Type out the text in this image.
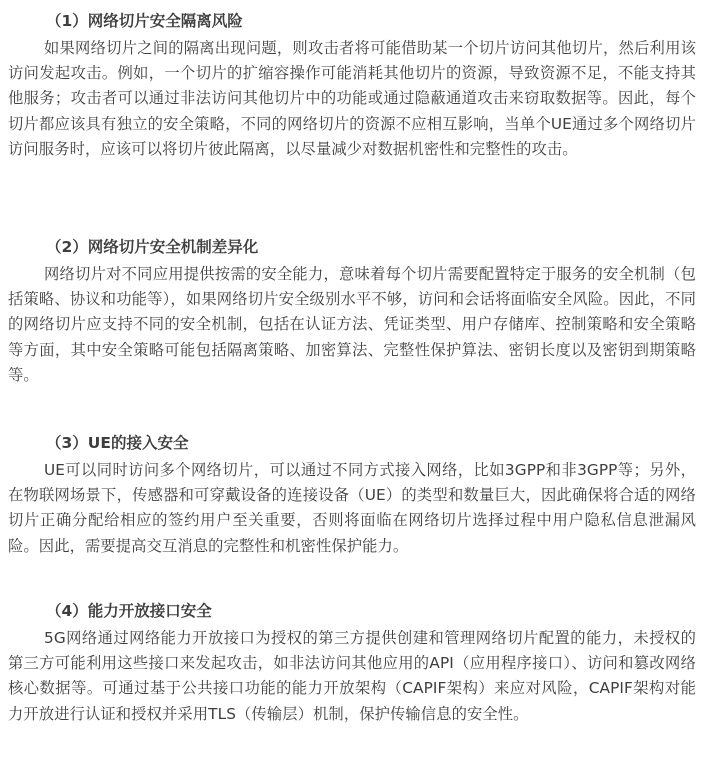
（1）网络切片安全隔离风险

如果网络切片之间的隔离出现问题，则攻击者将可能借助某一个切片访问其他切片，然后利用该访问发起攻击。例如，一个切片的扩缩容操作可能消耗其他切片的资源，导致资源不足，不能支持其他服务；攻击者可以通过非法访问其他切片中的功能或通过隐蔽通道攻击来窃取数据等。因此，每个切片都应该具有独立的安全策略，不同的网络切片的资源不应相互影响，当单个UE通过多个网络切片访问服务时，应该可以将切片彼此隔离，以尽量减少对数据机密性和完整性的攻击。

（2）网络切片安全机制差异化

网络切片对不同应用提供按需的安全能力，意味着每个切片需要配置特定于服务的安全机制（包括策略、协议和功能等），如果网络切片安全级别水平不够，访问和会话将面临安全风险。因此，不同的网络切片应支持不同的安全机制，包括在认证方法、凭证类型、用户存储库、控制策略和安全策略等方面，其中安全策略可能包括隔离策略、加密算法、完整性保护算法、密钥长度以及密钥到期策略等。

（3）UE的接入安全

UE可以同时访问多个网络切片，可以通过不同方式接入网络，比如3GPP和非3GPP等；另外，在物联网场景下，传感器和可穿戴设备的连接设备（UE）的类型和数量巨大，因此确保将合适的网络切片正确分配给相应的签约用户至关重要，否则将面临在网络切片选择过程中用户隐私信息泄漏风险。因此，需要提高交互消息的完整性和机密性保护能力。

（4）能力开放接口安全

5G网络通过网络能力开放接口为授权的第三方提供创建和管理网络切片配置的能力，未授权的第三方可能利用这些接口来发起攻击，如非法访问其他应用的API（应用程序接口）、访问和篡改网络核心数据等。可通过基于公共接口功能的能力开放架构（CAPIF架构）来应对风险，CAPIF架构对能力开放进行认证和授权并采用TLS（传输层）机制，保护传输信息的安全性。
